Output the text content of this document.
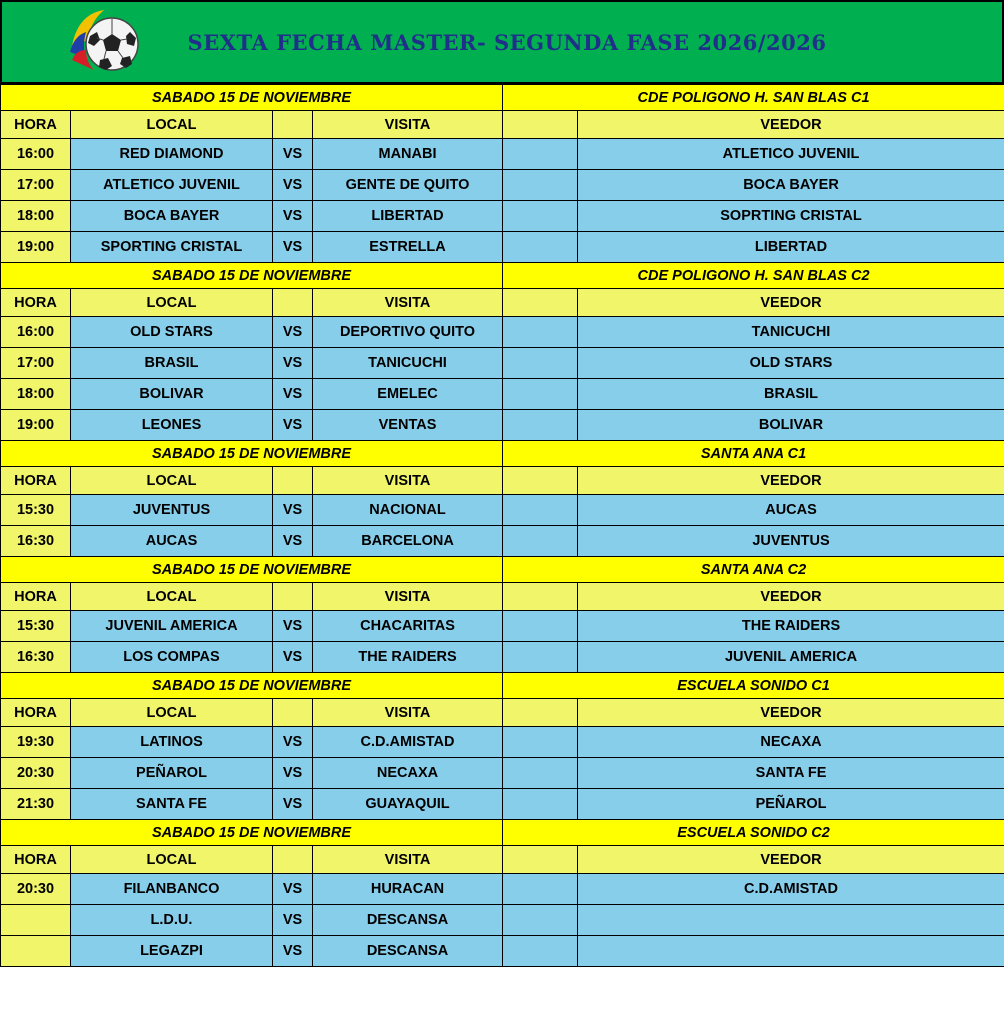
SEXTA FECHA MASTER- SEGUNDA FASE 2026/2026
SABADO 15 DE NOVIEMBRE				CDE POLIGONO H. SAN BLAS C1	
HORA	LOCAL		VISITA		VEEDOR
16:00	RED DIAMOND	VS	MANABI		ATLETICO JUVENIL
17:00	ATLETICO JUVENIL	VS	GENTE DE QUITO		BOCA BAYER
18:00	BOCA BAYER	VS	LIBERTAD		SOPRTING CRISTAL
19:00	SPORTING CRISTAL	VS	ESTRELLA		LIBERTAD
SABADO 15 DE NOVIEMBRE				CDE POLIGONO H. SAN BLAS C2	
HORA	LOCAL		VISITA		VEEDOR
16:00	OLD STARS	VS	DEPORTIVO QUITO		TANICUCHI
17:00	BRASIL	VS	TANICUCHI		OLD STARS
18:00	BOLIVAR	VS	EMELEC		BRASIL
19:00	LEONES	VS	VENTAS		BOLIVAR
SABADO 15 DE NOVIEMBRE				SANTA ANA C1	
HORA	LOCAL		VISITA		VEEDOR
15:30	JUVENTUS	VS	NACIONAL		AUCAS
16:30	AUCAS	VS	BARCELONA		JUVENTUS
SABADO 15 DE NOVIEMBRE				SANTA ANA C2	
HORA	LOCAL		VISITA		VEEDOR
15:30	JUVENIL AMERICA	VS	CHACARITAS		THE RAIDERS
16:30	LOS COMPAS	VS	THE RAIDERS		JUVENIL AMERICA
SABADO 15 DE NOVIEMBRE				ESCUELA SONIDO C1	
HORA	LOCAL		VISITA		VEEDOR
19:30	LATINOS	VS	C.D.AMISTAD		NECAXA
20:30	PEÑAROL	VS	NECAXA		SANTA FE
21:30	SANTA FE	VS	GUAYAQUIL		PEÑAROL
SABADO 15 DE NOVIEMBRE				ESCUELA SONIDO C2	
HORA	LOCAL		VISITA		VEEDOR
20:30	FILANBANCO	VS	HURACAN		C.D.AMISTAD
	L.D.U.	VS	DESCANSA		
	LEGAZPI	VS	DESCANSA		
